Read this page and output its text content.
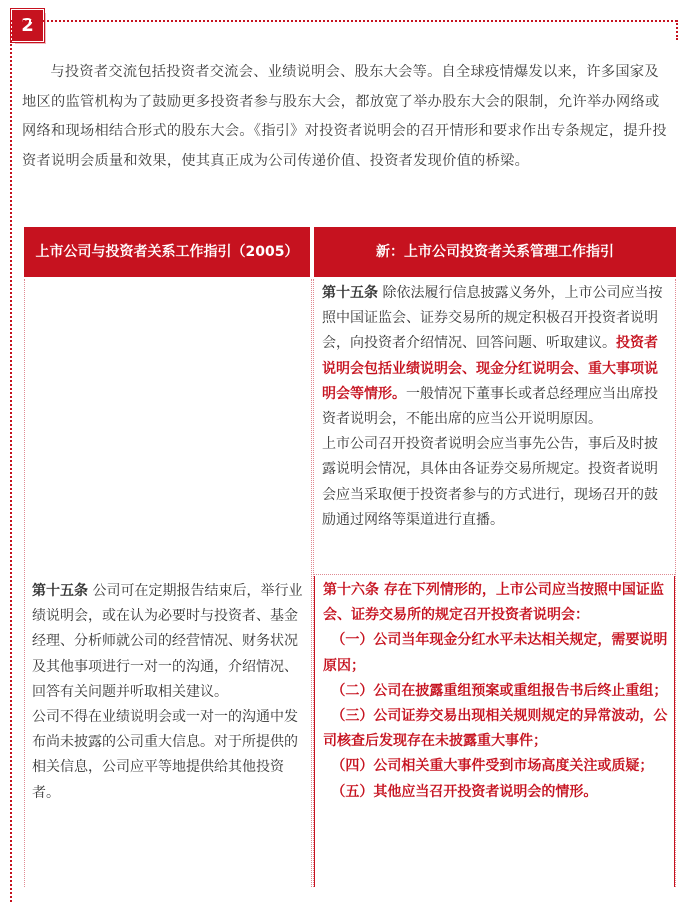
2

与投资者交流包括投资者交流会、业绩说明会、股东大会等。自全球疫情爆发以来，许多国家及地区的监管机构为了鼓励更多投资者参与股东大会，都放宽了举办股东大会的限制，允许举办网络或网络和现场相结合形式的股东大会。《指引》对投资者说明会的召开情形和要求作出专条规定，提升投资者说明会质量和效果，使其真正成为公司传递价值、投资者发现价值的桥梁。

上市公司与投资者关系工作指引（2005）	新：上市公司投资者关系管理工作指引

第十五条 公司可在定期报告结束后，举行业绩说明会，或在认为必要时与投资者、基金经理、分析师就公司的经营情况、财务状况及其他事项进行一对一的沟通，介绍情况、回答有关问题并听取相关建议。

公司不得在业绩说明会或一对一的沟通中发布尚未披露的公司重大信息。对于所提供的相关信息，公司应平等地提供给其他投资者。

第十五条 除依法履行信息披露义务外，上市公司应当按照中国证监会、证券交易所的规定积极召开投资者说明会，向投资者介绍情况、回答问题、听取建议。投资者说明会包括业绩说明会、现金分红说明会、重大事项说明会等情形。一般情况下董事长或者总经理应当出席投资者说明会，不能出席的应当公开说明原因。

上市公司召开投资者说明会应当事先公告，事后及时披露说明会情况，具体由各证券交易所规定。投资者说明会应当采取便于投资者参与的方式进行，现场召开的鼓励通过网络等渠道进行直播。

第十六条 存在下列情形的，上市公司应当按照中国证监会、证券交易所的规定召开投资者说明会：

（一）公司当年现金分红水平未达相关规定，需要说明原因；

（二）公司在披露重组预案或重组报告书后终止重组；

（三）公司证券交易出现相关规则规定的异常波动，公司核查后发现存在未披露重大事件；

（四）公司相关重大事件受到市场高度关注或质疑；

（五）其他应当召开投资者说明会的情形。
